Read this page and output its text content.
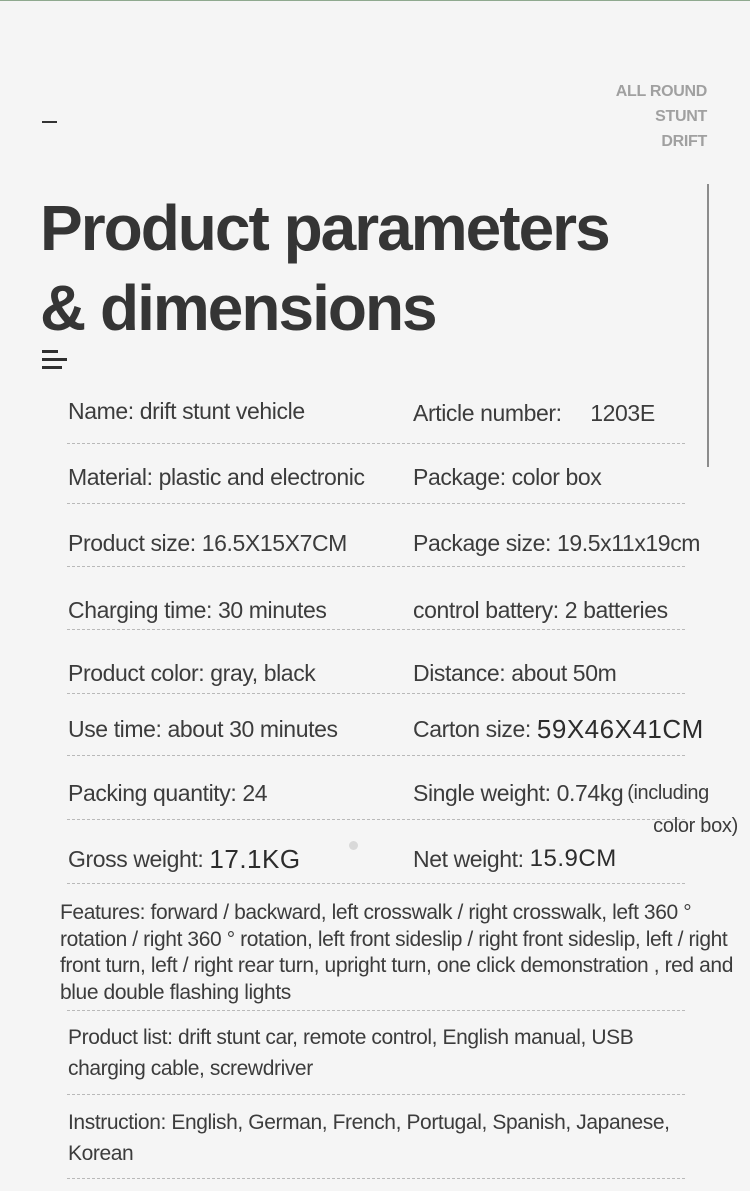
ALL ROUND
STUNT
DRIFT
Product parameters
& dimensions
Name: drift stunt vehicle	Article number:　 1203E
Material: plastic and electronic Package: color box
Product size: 16.5X15X7CM	Package size: 19.5x11x19cm
Charging time: 30 minutes	control battery: 2 batteries
Product color: gray, black	Distance: about 50m
Use time: about 30 minutes	Carton size: 59X46X41CM
Packing quantity: 24	Single weight: 0.74kg (including
color box)
Gross weight: 17.1KG	Net weight: 15.9CM
Features: forward / backward, left crosswalk / right crosswalk, left 360 ° rotation / right 360 ° rotation, left front sideslip / right front sideslip, left / right front turn, left / right rear turn, upright turn, one click demonstration , red and blue double flashing lights
Product list: drift stunt car, remote control, English manual, USB charging cable, screwdriver
Instruction: English, German, French, Portugal, Spanish, Japanese, Korean
